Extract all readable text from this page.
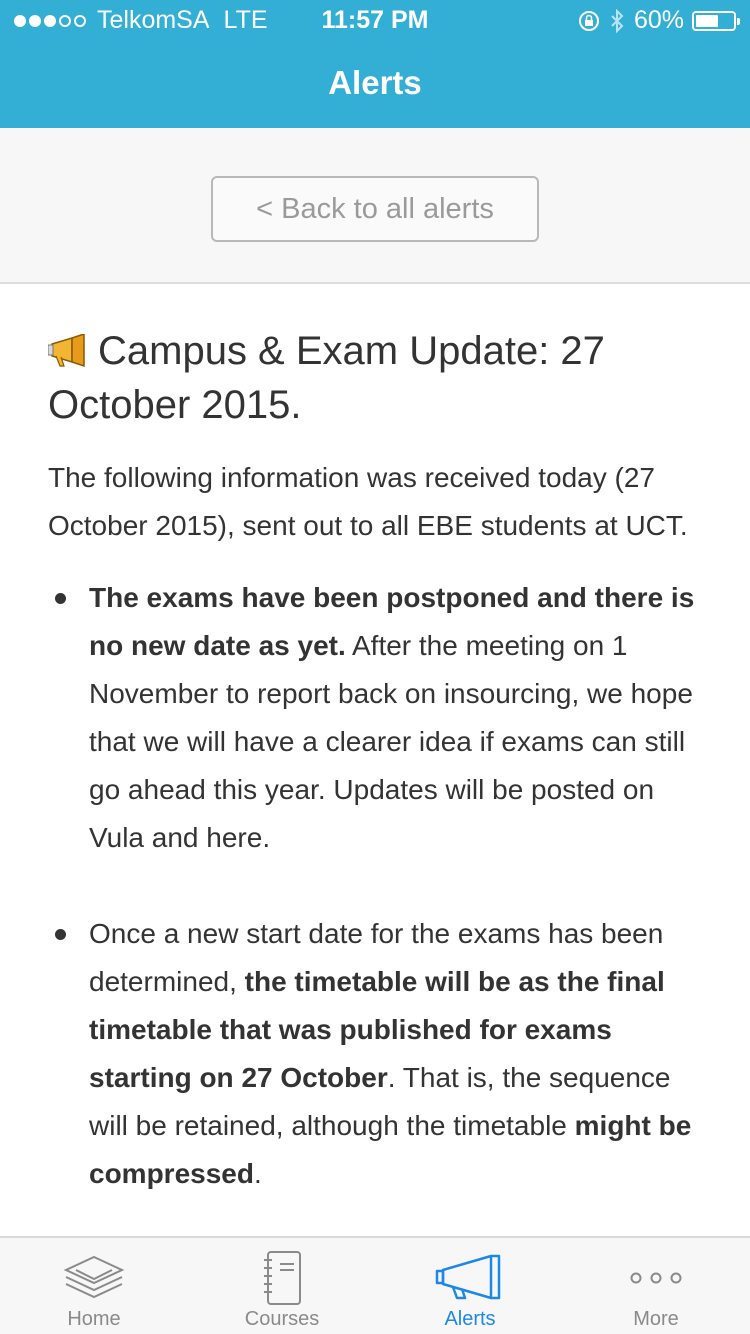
TelkomSA LTE	11:57 PM	60%
Alerts
< Back to all alerts
Campus & Exam Update: 27 October 2015.

The following information was received today (27 October 2015), sent out to all EBE students at UCT.

The exams have been postponed and there is no new date as yet. After the meeting on 1 November to report back on insourcing, we hope that we will have a clearer idea if exams can still go ahead this year. Updates will be posted on Vula and here.
Once a new start date for the exams has been determined, the timetable will be as the final timetable that was published for exams starting on 27 October. That is, the sequence will be retained, although the timetable might be compressed.
Home	Courses	Alerts	More
